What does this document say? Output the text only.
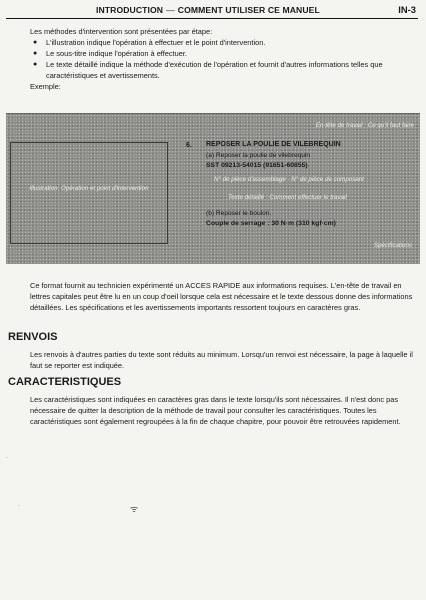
INTRODUCTION — COMMENT UTILISER CE MANUEL	IN-3

Les méthodes d'intervention sont présentées par étape:

● L'illustration indique l'opération à effectuer et le point d'intervention.
● Le sous-titre indique l'opération à effectuer.
● Le texte détaillé indique la méthode d'exécution de l'opération et fournit d'autres informations telles que caractéristiques et avertissements.

Exemple:

En-tête de travail : Ce qu'il faut faire
Illustration: Opération et point d'intervention
6. REPOSER LA POULIE DE VILEBREQUIN
(a) Reposer la poulie de vilebrequin
SST 09213-54015 (91651-60855)
N° de pièce d'assemblage · N° de pièce de composant
Texte détaillé : Comment effectuer le travail
(b) Reposer le boulon.
Couple de serrage : 30 N·m (310 kgf·cm)
Spécifications

Ce format fournit au technicien expérimenté un ACCES RAPIDE aux informations requises. L'en-tête de travail en lettres capitales peut être lu en un coup d'oeil lorsque cela est nécessaire et le texte dessous donne des informations détaillées. Les spécifications et les avertissements importants ressortent toujours en caractères gras.

RENVOIS

Les renvois à d'autres parties du texte sont réduits au minimum. Lorsqu'un renvoi est nécessaire, la page à laquelle il faut se reporter est indiquée.

CARACTERISTIQUES

Les caractéristiques sont indiquées en caractères gras dans le texte lorsqu'ils sont nécessaires. Il n'est donc pas nécessaire de quitter la description de la méthode de travail pour consulter les caractéristiques. Toutes les caractéristiques sont également regroupées à la fin de chaque chapitre, pour pouvoir être retrouvées rapidement.

·
ᯤ
·
